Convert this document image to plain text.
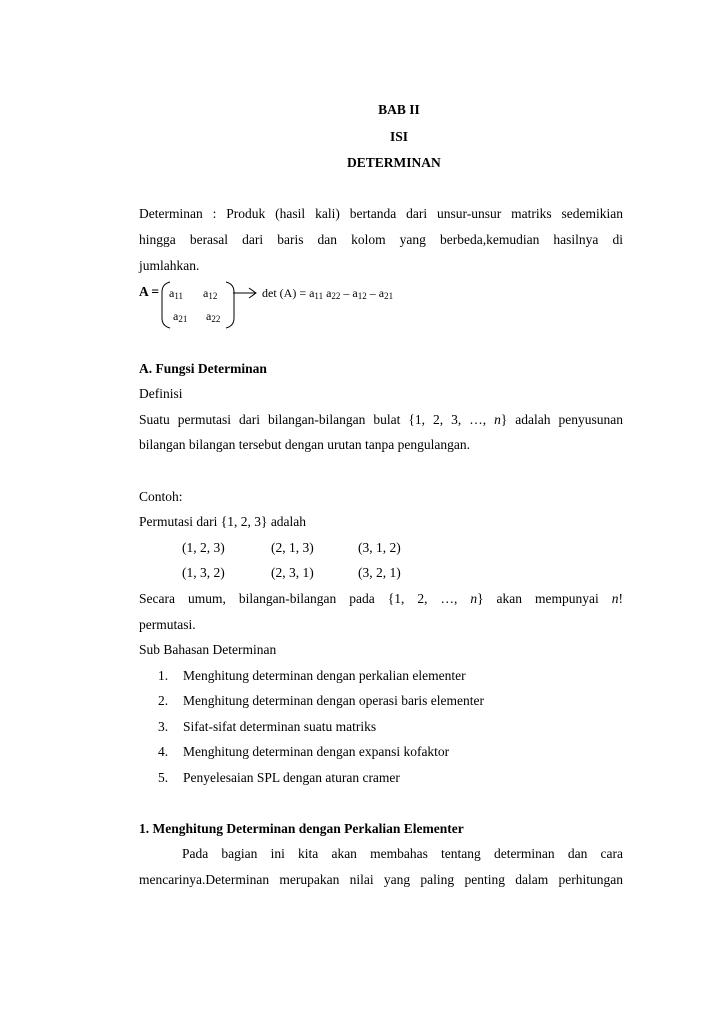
BAB II
ISI
DETERMINAN
Determinan : Produk (hasil kali) bertanda dari unsur-unsur matriks sedemikian
hingga berasal dari baris dan kolom yang berbeda,kemudian hasilnya di
jumlahkan.
$A = a_{11}$ $a_{12}$
$a_{21}$ $a_{22}$
$\det (A) = a_{11}$ $a_{22} - a_{12} - a_{21}$
A. Fungsi Determinan
Definisi
Suatu permutasi dari bilangan-bilangan bulat {1, 2, 3, …, n} adalah penyusunan
bilangan bilangan tersebut dengan urutan tanpa pengulangan.
Contoh:
Permutasi dari {1, 2, 3} adalah
(1, 2, 3)	(2, 1, 3)	(3, 1, 2)
(1, 3, 2)	(2, 3, 1)	(3, 2, 1)
Secara umum, bilangan-bilangan pada {1, 2, …, n} akan mempunyai n!
permutasi.
Sub Bahasan Determinan
1. Menghitung determinan dengan perkalian elementer
2. Menghitung determinan dengan operasi baris elementer
3. Sifat-sifat determinan suatu matriks
4. Menghitung determinan dengan expansi kofaktor
5. Penyelesaian SPL dengan aturan cramer
1. Menghitung Determinan dengan Perkalian Elementer
Pada bagian ini kita akan membahas tentang determinan dan cara
mencarinya.Determinan merupakan nilai yang paling penting dalam perhitungan
